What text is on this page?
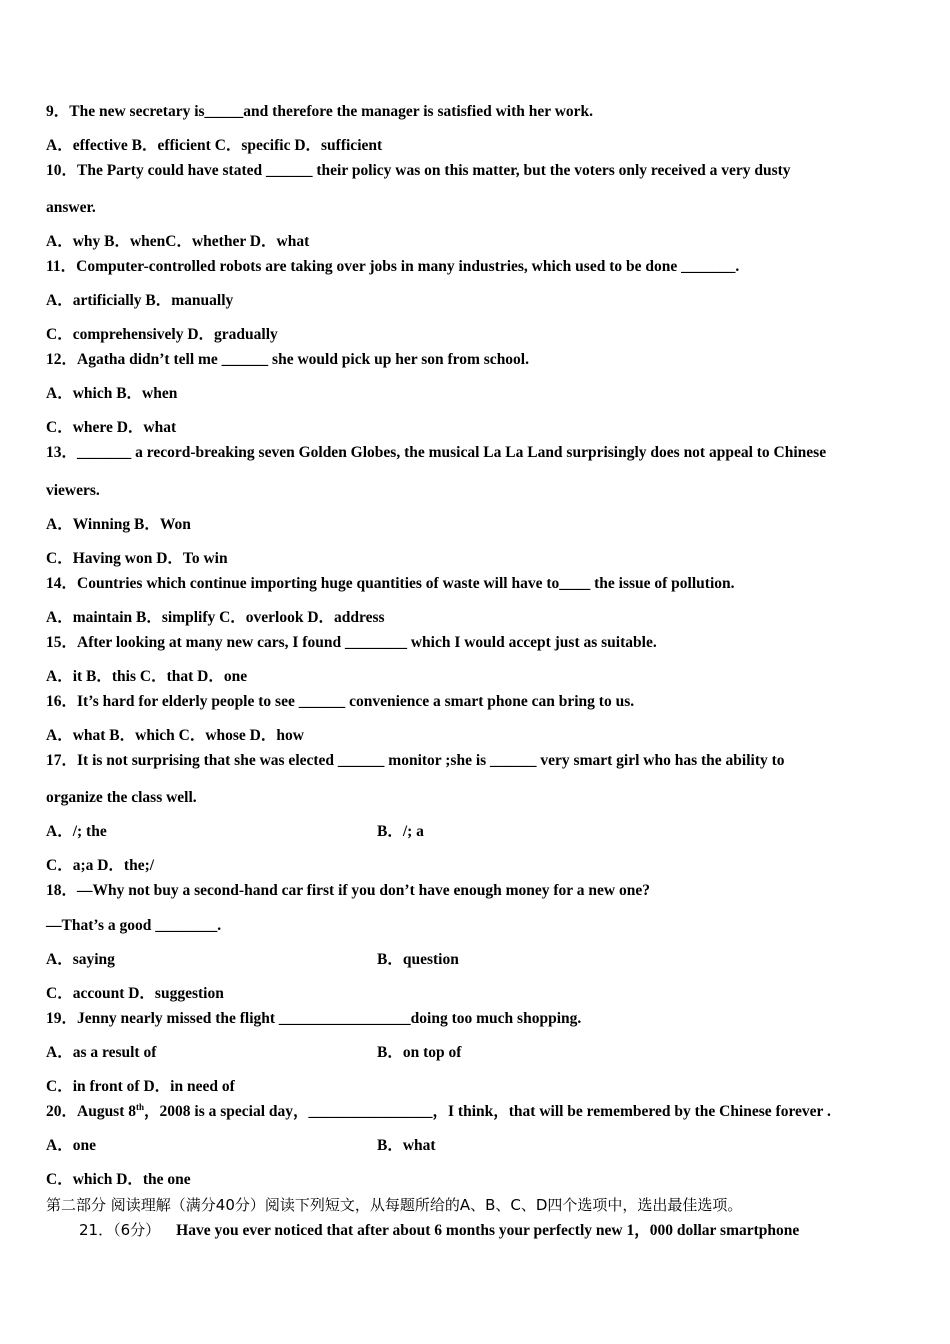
9．The new secretary is_____and therefore the manager is satisfied with her work.
A．effective B．efficient C．specific D．sufficient
10．The Party could have stated ______ their policy was on this matter, but the voters only received a very dusty
answer.
A．why B．whenC．whether D．what
11．Computer-controlled robots are taking over jobs in many industries, which used to be done _______.
A．artificially B．manually
C．comprehensively D．gradually
12．Agatha didn’t tell me ______ she would pick up her son from school.
A．which B．when
C．where D．what
13．_______ a record-breaking seven Golden Globes, the musical La La Land surprisingly does not appeal to Chinese
viewers.
A．Winning B．Won
C．Having won D．To win
14．Countries which continue importing huge quantities of waste will have to____ the issue of pollution.
A．maintain B．simplify C．overlook D．address
15．After looking at many new cars, I found ________ which I would accept just as suitable.
A．it B．this C．that D．one
16．It’s hard for elderly people to see ______ convenience a smart phone can bring to us.
A．what B．which C．whose D．how
17．It is not surprising that she was elected ______ monitor ;she is ______ very smart girl who has the ability to
organize the class well.
A．/; the	B．/; a
C．a;a D．the;/
18．—Why not buy a second-hand car first if you don’t have enough money for a new one?
—That’s a good ________.
A．saying	B．question
C．account D．suggestion
19．Jenny nearly missed the flight _________________doing too much shopping.
A．as a result of	B．on top of
C．in front of D．in need of
20．August 8th，2008 is a special day，________________，I think，that will be remembered by the Chinese forever .
A．one	B．what
C．which D．the one
第二部分 阅读理解（满分40分）阅读下列短文，从每题所给的A、B、C、D四个选项中，选出最佳选项。
21．（6分） Have you ever noticed that after about 6 months your perfectly new 1，000 dollar smartphone
